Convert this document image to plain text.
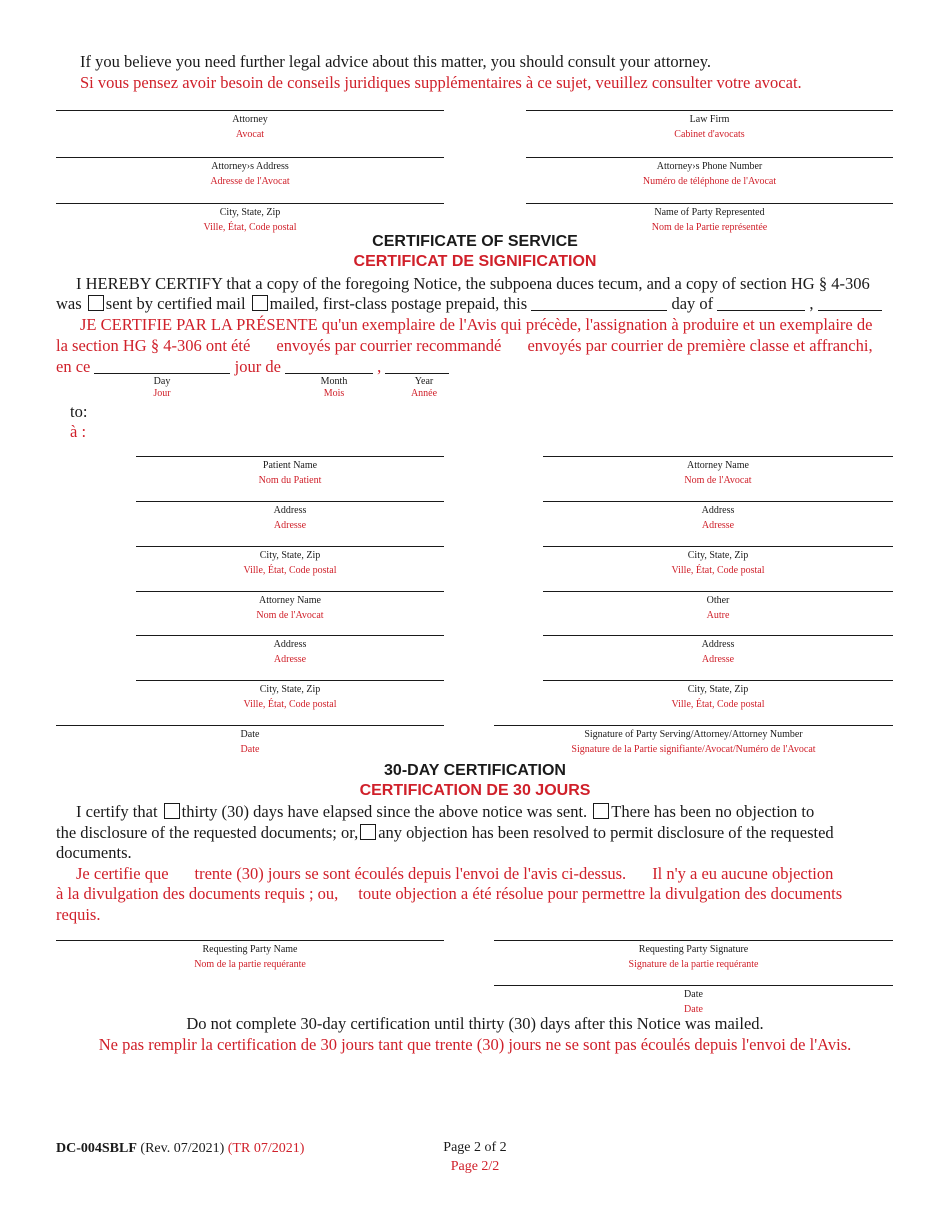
If you believe you need further legal advice about this matter, you should consult your attorney.
Si vous pensez avoir besoin de conseils juridiques supplémentaires à ce sujet, veuillez consulter votre avocat.
Attorney
Avocat
Law Firm
Cabinet d'avocats
Attorney›s Address
Adresse de l'Avocat
Attorney›s Phone Number
Numéro de téléphone de l'Avocat
City, State, Zip
Ville, État, Code postal
Name of Party Represented
Nom de la Partie représentée
CERTIFICATE OF SERVICE
CERTIFICAT DE SIGNIFICATION
I HEREBY CERTIFY that a copy of the foregoing Notice, the subpoena duces tecum, and a copy of section HG § 4-306
was sent by certified mail mailed, first-class postage prepaid, this	day of	,
JE CERTIFIE PAR LA PRÉSENTE qu'un exemplaire de l'Avis qui précède, l'assignation à produire et un exemplaire de
la section HG § 4-306 ont été envoyés par courrier recommandé envoyés par courrier de première classe et affranchi,
en ce	jour de	,
Day
Jour
Month
Mois
Year
Année
to:
à :
Patient Name
Nom du Patient
Address
Adresse
City, State, Zip
Ville, État, Code postal
Attorney Name
Nom de l'Avocat
Address
Adresse
City, State, Zip
Ville, État, Code postal
Attorney Name
Nom de l'Avocat
Address
Adresse
City, State, Zip
Ville, État, Code postal
Other
Autre
Address
Adresse
City, State, Zip
Ville, État, Code postal
Date
Date
Signature of Party Serving/Attorney/Attorney Number
Signature de la Partie signifiante/Avocat/Numéro de l'Avocat
30-DAY CERTIFICATION
CERTIFICATION DE 30 JOURS
I certify that thirty (30) days have elapsed since the above notice was sent. There has been no objection to
the disclosure of the requested documents; or, any objection has been resolved to permit disclosure of the requested
documents.
Je certifie que trente (30) jours se sont écoulés depuis l'envoi de l'avis ci-dessus. Il n'y a eu aucune objection
à la divulgation des documents requis ; ou, toute objection a été résolue pour permettre la divulgation des documents
requis.
Requesting Party Name
Nom de la partie requérante
Requesting Party Signature
Signature de la partie requérante
Date
Date
Do not complete 30-day certification until thirty (30) days after this Notice was mailed.
Ne pas remplir la certification de 30 jours tant que trente (30) jours ne se sont pas écoulés depuis l'envoi de l'Avis.
DC-004SBLF (Rev. 07/2021) (TR 07/2021)	Page 2 of 2
Page 2/2
